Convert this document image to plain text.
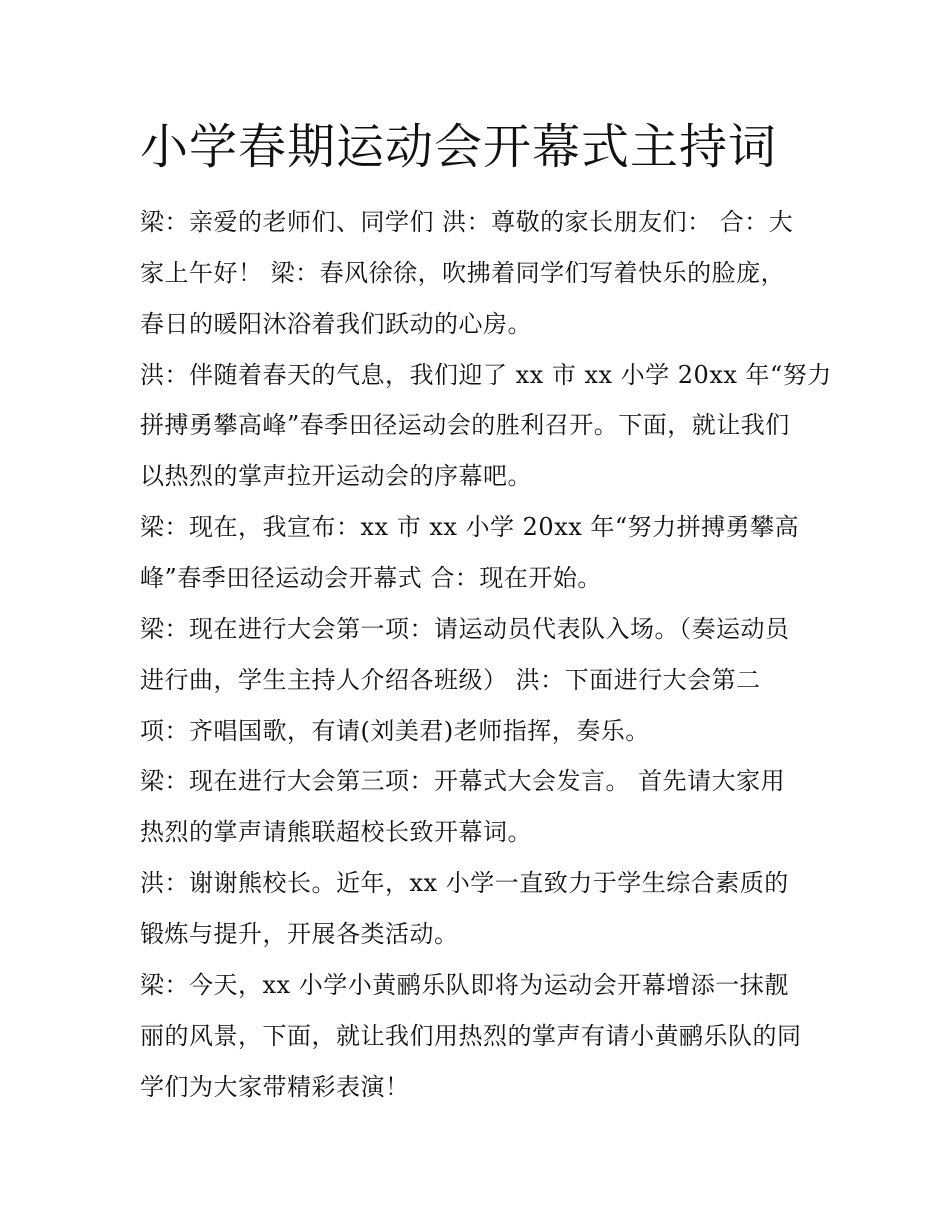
小学春期运动会开幕式主持词

梁：亲爱的老师们、同学们 洪：尊敬的家长朋友们： 合：大

家上午好！ 梁：春风徐徐，吹拂着同学们写着快乐的脸庞，

春日的暖阳沐浴着我们跃动的心房。

洪：伴随着春天的气息，我们迎了 xx 市 xx 小学 20xx 年“努力

拼搏勇攀高峰”春季田径运动会的胜利召开。下面，就让我们

以热烈的掌声拉开运动会的序幕吧。

梁：现在，我宣布：xx 市 xx 小学 20xx 年“努力拼搏勇攀高

峰”春季田径运动会开幕式 合：现在开始。

梁：现在进行大会第一项：请运动员代表队入场。（奏运动员

进行曲，学生主持人介绍各班级） 洪：下面进行大会第二

项：齐唱国歌，有请(刘美君)老师指挥，奏乐。

梁：现在进行大会第三项：开幕式大会发言。 首先请大家用

热烈的掌声请熊联超校长致开幕词。

洪：谢谢熊校长。近年，xx 小学一直致力于学生综合素质的

锻炼与提升，开展各类活动。

梁：今天，xx 小学小黄鹂乐队即将为运动会开幕增添一抹靓

丽的风景，下面，就让我们用热烈的掌声有请小黄鹂乐队的同

学们为大家带精彩表演！
